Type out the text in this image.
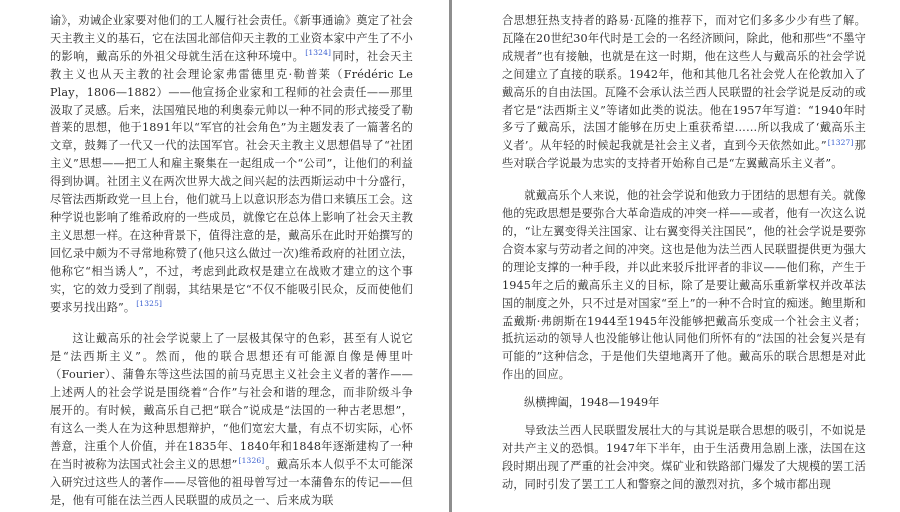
谕》，劝诫企业家要对他们的工人履行社会责任。《新事通谕》奠定了社会天主教主义的基石，它在法国北部信仰天主教的工业资本家中产生了不小的影响，戴高乐的外祖父母就生活在这种环境中。[1324]同时，社会天主教主义也从天主教的社会理论家弗雷德里克·勒普莱（Frédéric Le Play，1806—1882）——他宣扬企业家和工程师的社会责任——那里汲取了灵感。后来，法国殖民地的利奥泰元帅以一种不同的形式接受了勒普莱的思想，他于1891年以“军官的社会角色”为主题发表了一篇著名的文章，鼓舞了一代又一代的法国军官。社会天主教主义思想倡导了“社团主义”思想——把工人和雇主聚集在一起组成一个“公司”，让他们的利益得到协调。社团主义在两次世界大战之间兴起的法西斯运动中十分盛行，尽管法西斯政党一旦上台，他们就马上以意识形态为借口来镇压工会。这种学说也影响了维希政府的一些成员，就像它在总体上影响了社会天主教主义思想一样。在这种背景下，值得注意的是，戴高乐在此时开始撰写的回忆录中颇为不寻常地称赞了(他只这么做过一次)维希政府的社团立法，他称它“相当诱人”，不过，考虑到此政权是建立在战败才建立的这个事实，它的效力受到了削弱，其结果是它“不仅不能吸引民众，反而使他们要求另找出路”。[1325]

这让戴高乐的社会学说蒙上了一层极其保守的色彩，甚至有人说它是“法西斯主义”。然而，他的联合思想还有可能源自像是傅里叶（Fourier）、蒲鲁东等这些法国的前马克思主义社会主义者的著作——上述两人的社会学说是围绕着“合作”与社会和谐的理念，而非阶级斗争展开的。有时候，戴高乐自己把“联合”说成是“法国的一种古老思想”，有这么一类人在为这种思想辩护，“他们宽宏大量，有点不切实际，心怀善意，注重个人价值，并在1835年、1840年和1848年逐渐建构了一种在当时被称为法国式社会主义的思想”[1326]。戴高乐本人似乎不太可能深入研究过这些人的著作——尽管他的祖母曾写过一本蒲鲁东的传记——但是，他有可能在法兰西人民联盟的成员之一、后来成为联

合思想狂热支持者的路易·瓦隆的推荐下，而对它们多多少少有些了解。瓦隆在20世纪30年代时是工会的一名经济顾问，除此，他和那些“不墨守成规者”也有接触，也就是在这一时期，他在这些人与戴高乐的社会学说之间建立了直接的联系。1942年，他和其他几名社会党人在伦敦加入了戴高乐的自由法国。瓦隆不会承认法兰西人民联盟的社会学说是反动的或者它是“法西斯主义”等诸如此类的说法。他在1957年写道：“1940年时多亏了戴高乐，法国才能够在历史上重获希望……所以我成了‘戴高乐主义者’。从年轻的时候起我就是社会主义者，直到今天依然如此。”[1327]那些对联合学说最为忠实的支持者开始称自己是“左翼戴高乐主义者”。

就戴高乐个人来说，他的社会学说和他致力于团结的思想有关。就像他的宪政思想是要弥合大革命造成的冲突一样——或者，他有一次这么说的，“让左翼变得关注国家、让右翼变得关注国民”，他的社会学说是要弥合资本家与劳动者之间的冲突。这也是他为法兰西人民联盟提供更为强大的理论支撑的一种手段，并以此来驳斥批评者的非议——他们称，产生于1945年之后的戴高乐主义的目标，除了是要让戴高乐重新掌权并改革法国的制度之外，只不过是对国家“至上”的一种不合时宜的痴迷。鲍里斯和孟戴斯·弗朗斯在1944至1945年没能够把戴高乐变成一个社会主义者；抵抗运动的领导人也没能够让他认同他们所怀有的“法国的社会复兴是有可能的”这种信念，于是他们失望地离开了他。戴高乐的联合思想是对此作出的回应。

纵横捭阖，1948—1949年

导致法兰西人民联盟发展壮大的与其说是联合思想的吸引，不如说是对共产主义的恐惧。1947年下半年，由于生活费用急剧上涨，法国在这段时期出现了严重的社会冲突。煤矿业和铁路部门爆发了大规模的罢工活动，同时引发了罢工工人和警察之间的激烈对抗，多个城市都出现
